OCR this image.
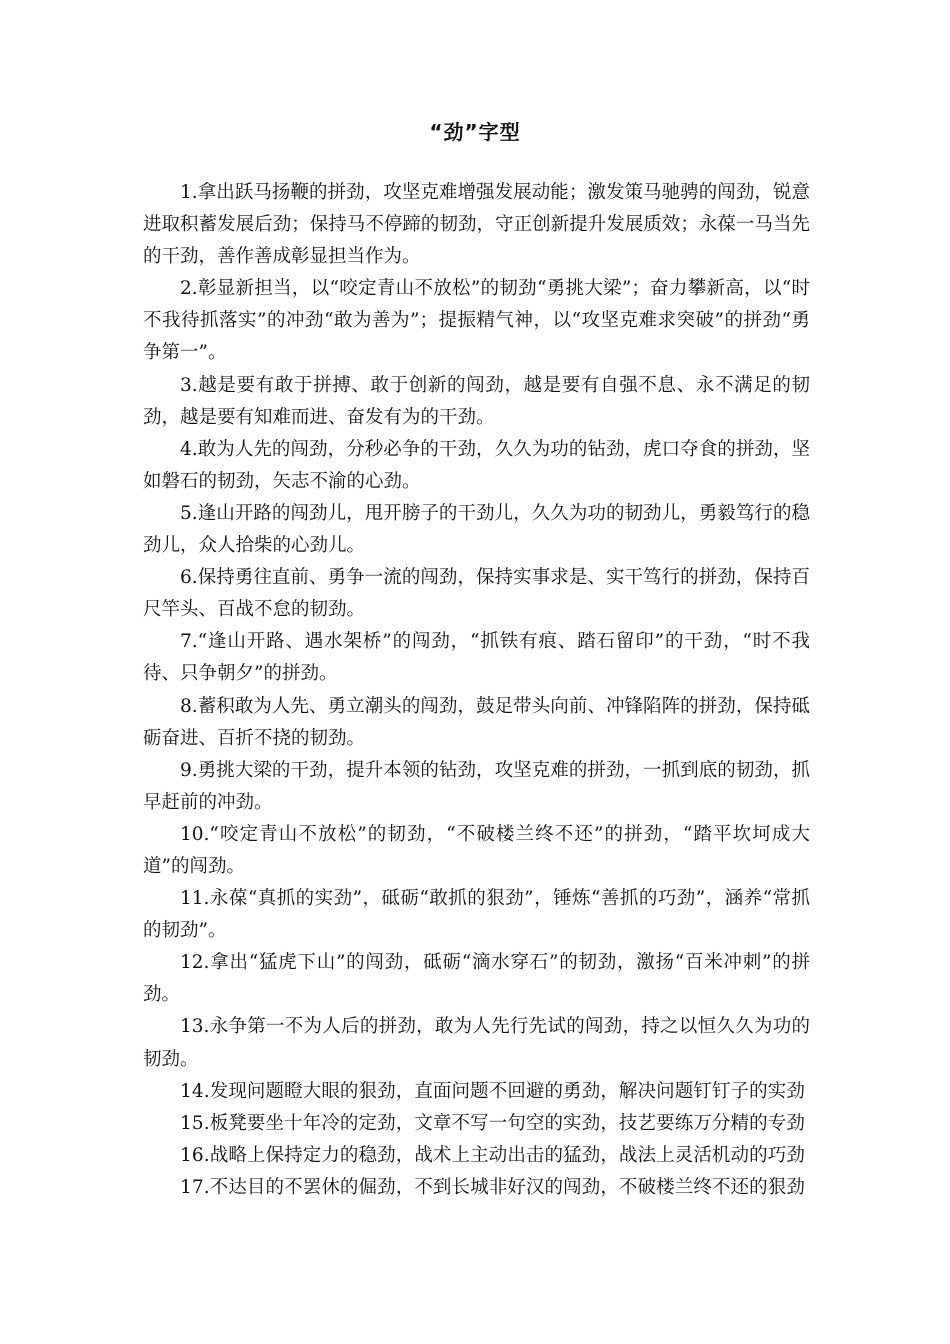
“劲”字型

1.拿出跃马扬鞭的拼劲，攻坚克难增强发展动能；激发策马驰骋的闯劲，锐意进取积蓄发展后劲；保持马不停蹄的韧劲，守正创新提升发展质效；永葆一马当先的干劲，善作善成彰显担当作为。

2.彰显新担当，以“咬定青山不放松”的韧劲“勇挑大梁”；奋力攀新高，以“时不我待抓落实”的冲劲“敢为善为”；提振精气神，以“攻坚克难求突破”的拼劲“勇争第一”。

3.越是要有敢于拼搏、敢于创新的闯劲，越是要有自强不息、永不满足的韧劲，越是要有知难而进、奋发有为的干劲。

4.敢为人先的闯劲，分秒必争的干劲，久久为功的钻劲，虎口夺食的拼劲，坚如磐石的韧劲，矢志不渝的心劲。

5.逢山开路的闯劲儿，甩开膀子的干劲儿，久久为功的韧劲儿，勇毅笃行的稳劲儿，众人拾柴的心劲儿。

6.保持勇往直前、勇争一流的闯劲，保持实事求是、实干笃行的拼劲，保持百尺竿头、百战不怠的韧劲。

7.“逢山开路、遇水架桥”的闯劲，“抓铁有痕、踏石留印”的干劲，“时不我待、只争朝夕”的拼劲。

8.蓄积敢为人先、勇立潮头的闯劲，鼓足带头向前、冲锋陷阵的拼劲，保持砥砺奋进、百折不挠的韧劲。

9.勇挑大梁的干劲，提升本领的钻劲，攻坚克难的拼劲，一抓到底的韧劲，抓早赶前的冲劲。

10.“咬定青山不放松”的韧劲，“不破楼兰终不还”的拼劲，“踏平坎坷成大道”的闯劲。

11.永葆“真抓的实劲”，砥砺“敢抓的狠劲”，锤炼“善抓的巧劲”，涵养“常抓的韧劲”。

12.拿出“猛虎下山”的闯劲，砥砺“滴水穿石”的韧劲，激扬“百米冲刺”的拼劲。

13.永争第一不为人后的拼劲，敢为人先行先试的闯劲，持之以恒久久为功的韧劲。

14.发现问题瞪大眼的狠劲，直面问题不回避的勇劲，解决问题钉钉子的实劲

15.板凳要坐十年冷的定劲，文章不写一句空的实劲，技艺要练万分精的专劲

16.战略上保持定力的稳劲，战术上主动出击的猛劲，战法上灵活机动的巧劲

17.不达目的不罢休的倔劲，不到长城非好汉的闯劲，不破楼兰终不还的狠劲
